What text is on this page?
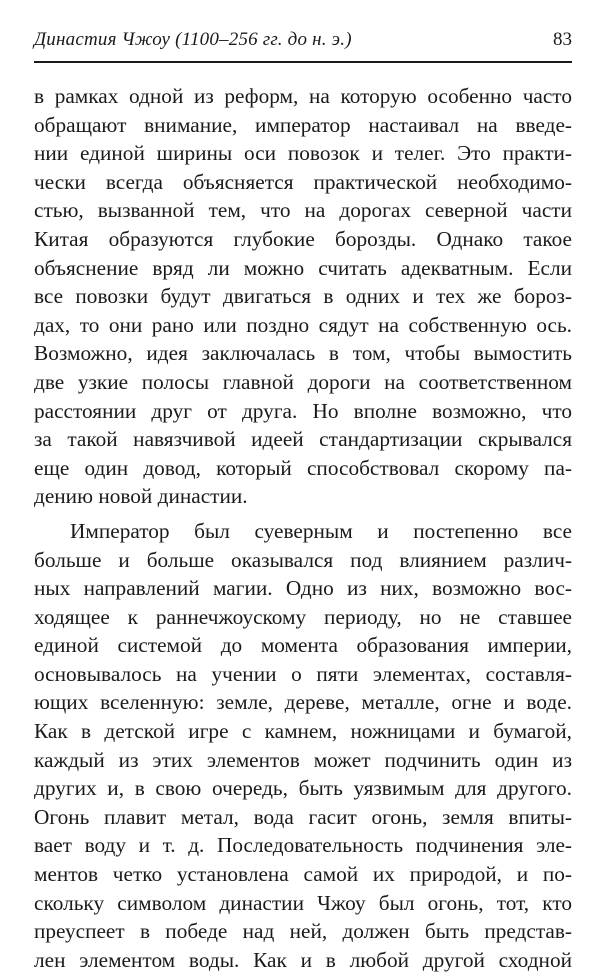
Династия Чжоу (1100–256 гг. до н. э.)	83
в рамках одной из реформ, на которую особенно часто
обращают внимание, император настаивал на введе-
нии единой ширины оси повозок и телег. Это практи-
чески всегда объясняется практической необходимо-
стью, вызванной тем, что на дорогах северной части
Китая образуются глубокие борозды. Однако такое
объяснение вряд ли можно считать адекватным. Если
все повозки будут двигаться в одних и тех же бороз-
дах, то они рано или поздно сядут на собственную ось.
Возможно, идея заключалась в том, чтобы вымостить
две узкие полосы главной дороги на соответственном
расстоянии друг от друга. Но вполне возможно, что
за такой навязчивой идеей стандартизации скрывался
еще один довод, который способствовал скорому па-
дению новой династии.
Император был суеверным и постепенно все
больше и больше оказывался под влиянием различ-
ных направлений магии. Одно из них, возможно вос-
ходящее к раннечжоускому периоду, но не ставшее
единой системой до момента образования империи,
основывалось на учении о пяти элементах, составля-
ющих вселенную: земле, дереве, металле, огне и воде.
Как в детской игре с камнем, ножницами и бумагой,
каждый из этих элементов может подчинить один из
других и, в свою очередь, быть уязвимым для другого.
Огонь плавит метал, вода гасит огонь, земля впиты-
вает воду и т. д. Последовательность подчинения эле-
ментов четко установлена самой их природой, и по-
скольку символом династии Чжоу был огонь, тот, кто
преуспеет в победе над ней, должен быть представ-
лен элементом воды. Как и в любой другой сходной
